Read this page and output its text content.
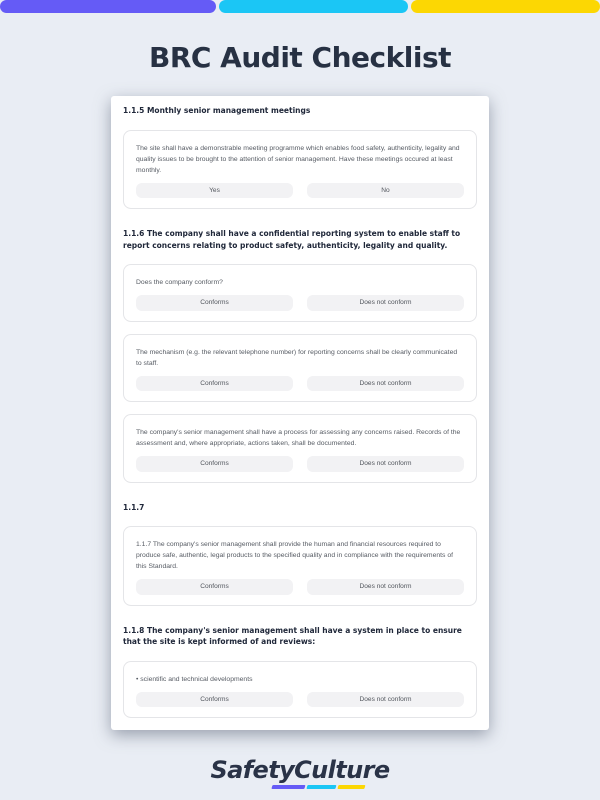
BRC Audit Checklist
1.1.5 Monthly senior management meetings
The site shall have a demonstrable meeting programme which enables food safety, authenticity, legality and quality issues to be brought to the attention of senior management. Have these meetings occured at least monthly.
Yes	No
1.1.6 The company shall have a confidential reporting system to enable staff to report concerns relating to product safety, authenticity, legality and quality.
Does the company conform?
Conforms	Does not conform
The mechanism (e.g. the relevant telephone number) for reporting concerns shall be clearly communicated to staff.
Conforms	Does not conform
The company's senior management shall have a process for assessing any concerns raised. Records of the assessment and, where appropriate, actions taken, shall be documented.
Conforms	Does not conform
1.1.7
1.1.7 The company's senior management shall provide the human and financial resources required to produce safe, authentic, legal products to the specified quality and in compliance with the requirements of this Standard.
Conforms	Does not conform
1.1.8 The company's senior management shall have a system in place to ensure that the site is kept informed of and reviews:
• scientific and technical developments
Conforms	Does not conform
SafetyCulture
